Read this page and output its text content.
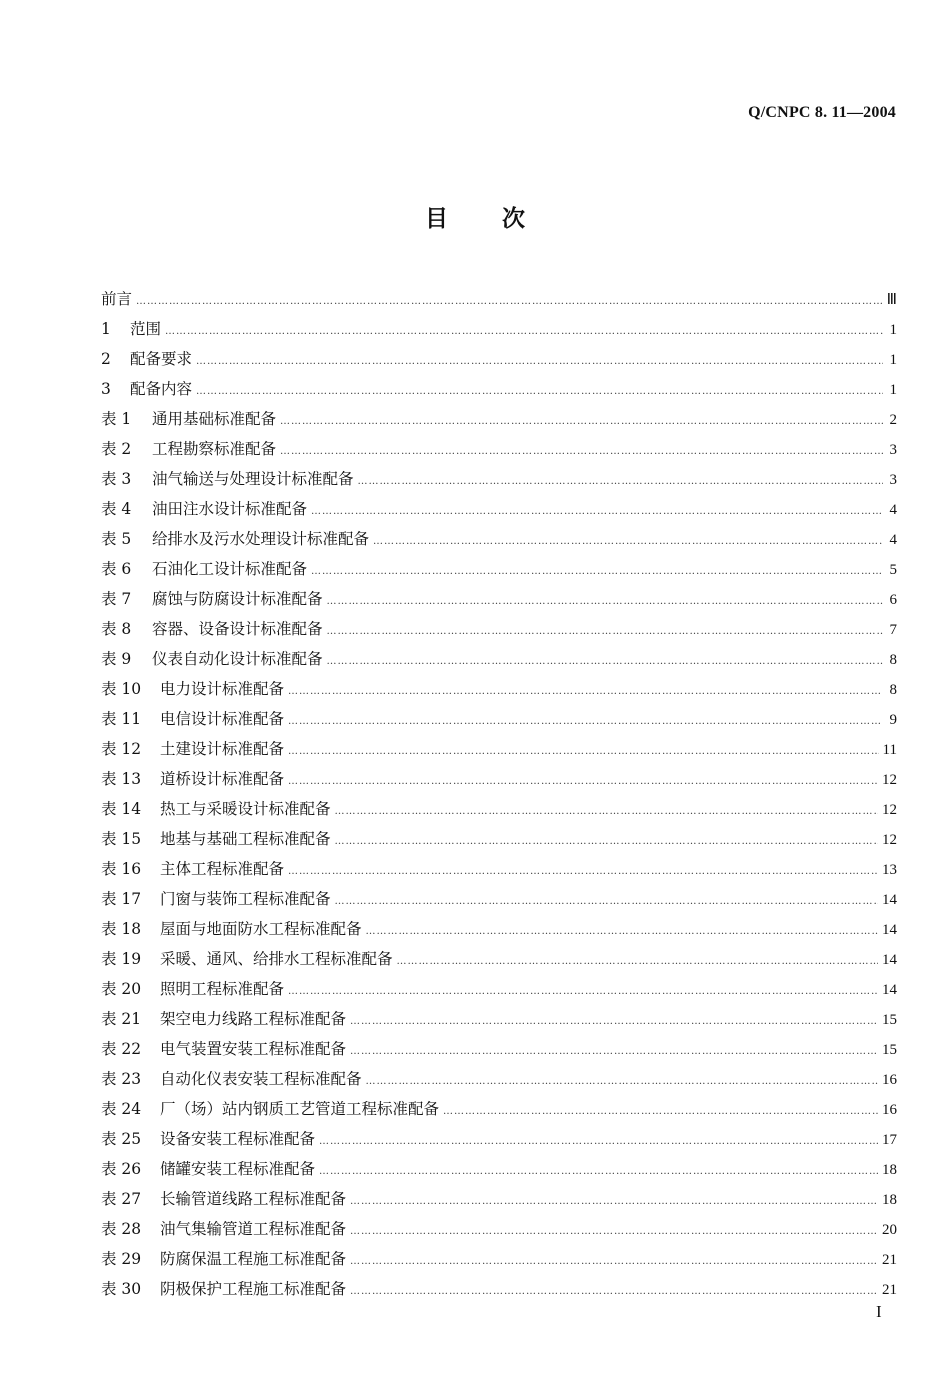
Q/CNPC 8. 11—2004
目 次
前言 …………………………………………………………………………………………………………………………………………………………………………………………………………………	Ⅲ
1	范围 …………………………………………………………………………………………………………………………………………………………………………………………………………………	1
2	配备要求 …………………………………………………………………………………………………………………………………………………………………………………………………………………	1
3	配备内容 …………………………………………………………………………………………………………………………………………………………………………………………………………………	1
表 1	通用基础标准配备 …………………………………………………………………………………………………………………………………………………………………………………………………………………	2
表 2	工程勘察标准配备 …………………………………………………………………………………………………………………………………………………………………………………………………………………	3
表 3	油气输送与处理设计标准配备 …………………………………………………………………………………………………………………………………………………………………………………………………………………	3
表 4	油田注水设计标准配备 …………………………………………………………………………………………………………………………………………………………………………………………………………………	4
表 5	给排水及污水处理设计标准配备 …………………………………………………………………………………………………………………………………………………………………………………………………………………	4
表 6	石油化工设计标准配备 …………………………………………………………………………………………………………………………………………………………………………………………………………………	5
表 7	腐蚀与防腐设计标准配备 …………………………………………………………………………………………………………………………………………………………………………………………………………………	6
表 8	容器、设备设计标准配备 …………………………………………………………………………………………………………………………………………………………………………………………………………………	7
表 9	仪表自动化设计标准配备 …………………………………………………………………………………………………………………………………………………………………………………………………………………	8
表 10	电力设计标准配备 …………………………………………………………………………………………………………………………………………………………………………………………………………………	8
表 11	电信设计标准配备 …………………………………………………………………………………………………………………………………………………………………………………………………………………	9
表 12	土建设计标准配备 …………………………………………………………………………………………………………………………………………………………………………………………………………………	11
表 13	道桥设计标准配备 …………………………………………………………………………………………………………………………………………………………………………………………………………………	12
表 14	热工与采暖设计标准配备 …………………………………………………………………………………………………………………………………………………………………………………………………………………	12
表 15	地基与基础工程标准配备 …………………………………………………………………………………………………………………………………………………………………………………………………………………	12
表 16	主体工程标准配备 …………………………………………………………………………………………………………………………………………………………………………………………………………………	13
表 17	门窗与装饰工程标准配备 …………………………………………………………………………………………………………………………………………………………………………………………………………………	14
表 18	屋面与地面防水工程标准配备 …………………………………………………………………………………………………………………………………………………………………………………………………………………	14
表 19	采暖、通风、给排水工程标准配备 …………………………………………………………………………………………………………………………………………………………………………………………………………………	14
表 20	照明工程标准配备 …………………………………………………………………………………………………………………………………………………………………………………………………………………	14
表 21	架空电力线路工程标准配备 …………………………………………………………………………………………………………………………………………………………………………………………………………………	15
表 22	电气装置安装工程标准配备 …………………………………………………………………………………………………………………………………………………………………………………………………………………	15
表 23	自动化仪表安装工程标准配备 …………………………………………………………………………………………………………………………………………………………………………………………………………………	16
表 24	厂（场）站内钢质工艺管道工程标准配备 …………………………………………………………………………………………………………………………………………………………………………………………………………………	16
表 25	设备安装工程标准配备 …………………………………………………………………………………………………………………………………………………………………………………………………………………	17
表 26	储罐安装工程标准配备 …………………………………………………………………………………………………………………………………………………………………………………………………………………	18
表 27	长输管道线路工程标准配备 …………………………………………………………………………………………………………………………………………………………………………………………………………………	18
表 28	油气集输管道工程标准配备 …………………………………………………………………………………………………………………………………………………………………………………………………………………	20
表 29	防腐保温工程施工标准配备 …………………………………………………………………………………………………………………………………………………………………………………………………………………	21
表 30	阴极保护工程施工标准配备 …………………………………………………………………………………………………………………………………………………………………………………………………………………	21
I
